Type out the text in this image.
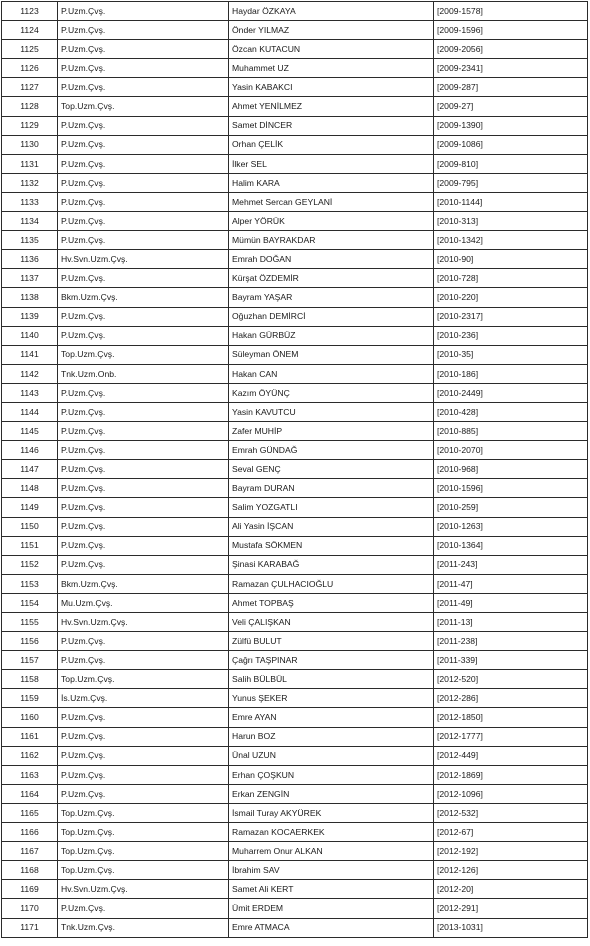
1123	P.Uzm.Çvş.	Haydar ÖZKAYA	[2009-1578]
1124	P.Uzm.Çvş.	Önder YILMAZ	[2009-1596]
1125	P.Uzm.Çvş.	Özcan KUTACUN	[2009-2056]
1126	P.Uzm.Çvş.	Muhammet UZ	[2009-2341]
1127	P.Uzm.Çvş.	Yasin KABAKCI	[2009-287]
1128	Top.Uzm.Çvş.	Ahmet YENİLMEZ	[2009-27]
1129	P.Uzm.Çvş.	Samet DİNCER	[2009-1390]
1130	P.Uzm.Çvş.	Orhan ÇELİK	[2009-1086]
1131	P.Uzm.Çvş.	İlker SEL	[2009-810]
1132	P.Uzm.Çvş.	Halim KARA	[2009-795]
1133	P.Uzm.Çvş.	Mehmet Sercan GEYLANİ	[2010-1144]
1134	P.Uzm.Çvş.	Alper YÖRÜK	[2010-313]
1135	P.Uzm.Çvş.	Mümün BAYRAKDAR	[2010-1342]
1136	Hv.Svn.Uzm.Çvş.	Emrah DOĞAN	[2010-90]
1137	P.Uzm.Çvş.	Kürşat ÖZDEMİR	[2010-728]
1138	Bkm.Uzm.Çvş.	Bayram YAŞAR	[2010-220]
1139	P.Uzm.Çvş.	Oğuzhan DEMİRCİ	[2010-2317]
1140	P.Uzm.Çvş.	Hakan GÜRBÜZ	[2010-236]
1141	Top.Uzm.Çvş.	Süleyman ÖNEM	[2010-35]
1142	Tnk.Uzm.Onb.	Hakan CAN	[2010-186]
1143	P.Uzm.Çvş.	Kazım ÖYÜNÇ	[2010-2449]
1144	P.Uzm.Çvş.	Yasin KAVUTCU	[2010-428]
1145	P.Uzm.Çvş.	Zafer MUHİP	[2010-885]
1146	P.Uzm.Çvş.	Emrah GÜNDAĞ	[2010-2070]
1147	P.Uzm.Çvş.	Seval GENÇ	[2010-968]
1148	P.Uzm.Çvş.	Bayram DURAN	[2010-1596]
1149	P.Uzm.Çvş.	Salim YOZGATLI	[2010-259]
1150	P.Uzm.Çvş.	Ali Yasin İŞCAN	[2010-1263]
1151	P.Uzm.Çvş.	Mustafa SÖKMEN	[2010-1364]
1152	P.Uzm.Çvş.	Şinasi KARABAĞ	[2011-243]
1153	Bkm.Uzm.Çvş.	Ramazan ÇULHACIOĞLU	[2011-47]
1154	Mu.Uzm.Çvş.	Ahmet TOPBAŞ	[2011-49]
1155	Hv.Svn.Uzm.Çvş.	Veli ÇALIŞKAN	[2011-13]
1156	P.Uzm.Çvş.	Zülfü BULUT	[2011-238]
1157	P.Uzm.Çvş.	Çağrı TAŞPINAR	[2011-339]
1158	Top.Uzm.Çvş.	Salih BÜLBÜL	[2012-520]
1159	İs.Uzm.Çvş.	Yunus ŞEKER	[2012-286]
1160	P.Uzm.Çvş.	Emre AYAN	[2012-1850]
1161	P.Uzm.Çvş.	Harun BOZ	[2012-1777]
1162	P.Uzm.Çvş.	Ünal UZUN	[2012-449]
1163	P.Uzm.Çvş.	Erhan ÇOŞKUN	[2012-1869]
1164	P.Uzm.Çvş.	Erkan ZENGİN	[2012-1096]
1165	Top.Uzm.Çvş.	İsmail Turay AKYÜREK	[2012-532]
1166	Top.Uzm.Çvş.	Ramazan KOCAERKEK	[2012-67]
1167	Top.Uzm.Çvş.	Muharrem Onur ALKAN	[2012-192]
1168	Top.Uzm.Çvş.	İbrahim SAV	[2012-126]
1169	Hv.Svn.Uzm.Çvş.	Samet Ali KERT	[2012-20]
1170	P.Uzm.Çvş.	Ümit ERDEM	[2012-291]
1171	Tnk.Uzm.Çvş.	Emre ATMACA	[2013-1031]
